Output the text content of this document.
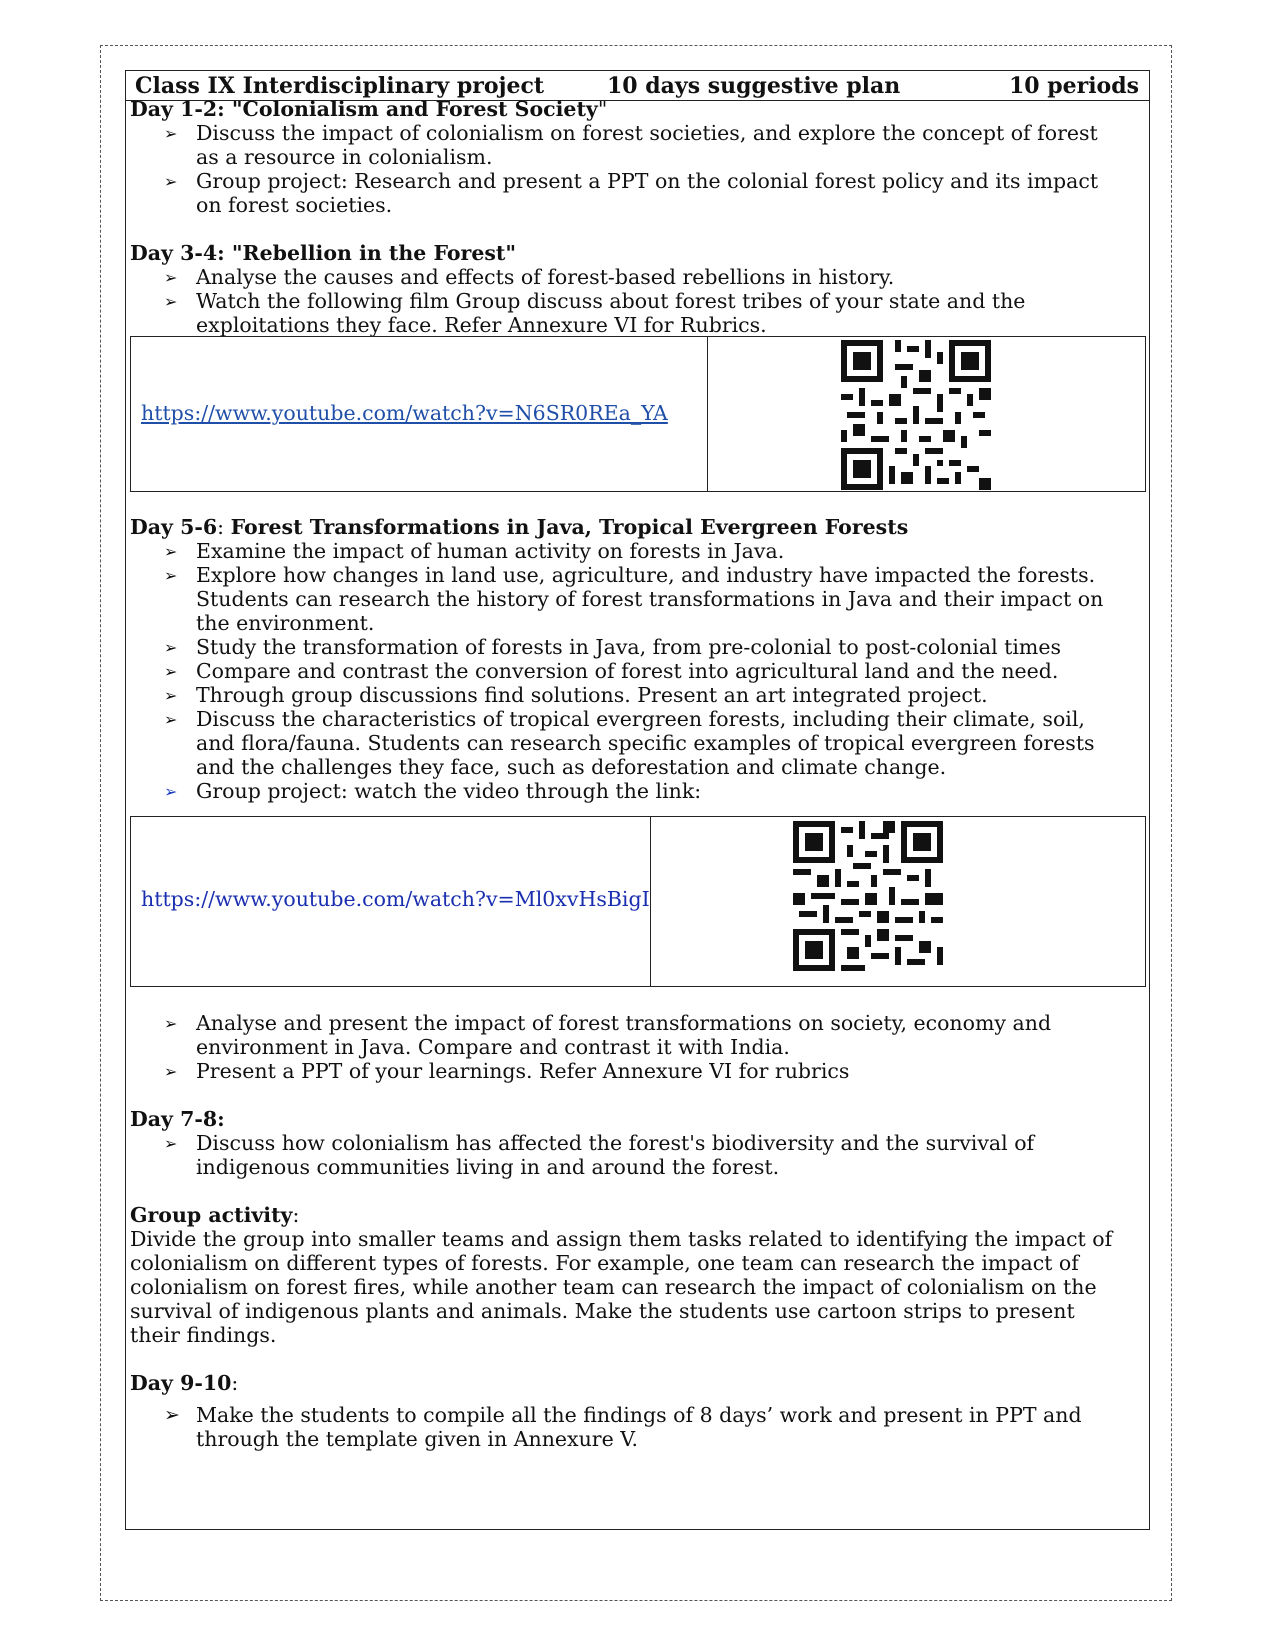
Class IX Interdisciplinary project	10 days suggestive plan	10 periods
Day 1-2: "Colonialism and Forest Society"
➢ Discuss the impact of colonialism on forest societies, and explore the concept of forest
as a resource in colonialism.
➢ Group project: Research and present a PPT on the colonial forest policy and its impact
on forest societies.
Day 3-4: "Rebellion in the Forest"
➢ Analyse the causes and effects of forest-based rebellions in history.
➢ Watch the following film Group discuss about forest tribes of your state and the
exploitations they face. Refer Annexure VI for Rubrics.
https://www.youtube.com/watch?v=N6SR0REa_YA
Day 5-6: Forest Transformations in Java, Tropical Evergreen Forests
➢ Examine the impact of human activity on forests in Java.
➢ Explore how changes in land use, agriculture, and industry have impacted the forests.
Students can research the history of forest transformations in Java and their impact on
the environment.
➢ Study the transformation of forests in Java, from pre-colonial to post-colonial times
➢ Compare and contrast the conversion of forest into agricultural land and the need.
➢ Through group discussions find solutions. Present an art integrated project.
➢ Discuss the characteristics of tropical evergreen forests, including their climate, soil,
and flora/fauna. Students can research specific examples of tropical evergreen forests
and the challenges they face, such as deforestation and climate change.
➢ Group project: watch the video through the link:
https://www.youtube.com/watch?v=Ml0xvHsBigI
➢ Analyse and present the impact of forest transformations on society, economy and
environment in Java. Compare and contrast it with India.
➢ Present a PPT of your learnings. Refer Annexure VI for rubrics
Day 7-8:
➢ Discuss how colonialism has affected the forest's biodiversity and the survival of
indigenous communities living in and around the forest.
Group activity:
Divide the group into smaller teams and assign them tasks related to identifying the impact of
colonialism on different types of forests. For example, one team can research the impact of
colonialism on forest fires, while another team can research the impact of colonialism on the
survival of indigenous plants and animals. Make the students use cartoon strips to present
their findings.
Day 9-10:
➢ Make the students to compile all the findings of 8 days’ work and present in PPT and
through the template given in Annexure V.
